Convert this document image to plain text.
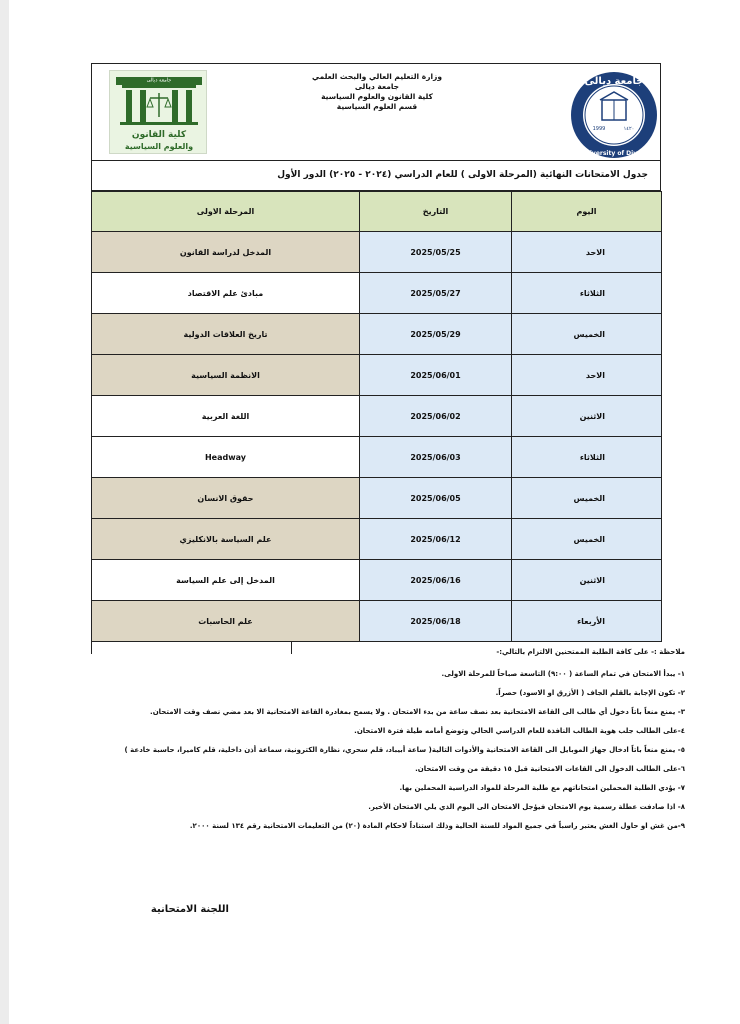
جامعة ديالى
كلية القانون
والعلوم السياسية
وزارة التعليم العالي والبحث العلمي
جامعة ديالى
كلية القانون والعلوم السياسية
قسم العلوم السياسية
جامعة ديالى
University of Diyala
1999	١٤٢٠
جدول الامتحانات النهائية (المرحلة الاولى ) للعام الدراسي (٢٠٢٤ - ٢٠٢٥) الدور الأول
اليوم	التاريخ	المرحلة الاولى
الاحد	2025/05/25	المدخل لدراسة القانون
الثلاثاء	2025/05/27	مبادئ علم الاقتصاد
الخميس	2025/05/29	تاريخ العلاقات الدولية
الاحد	2025/06/01	الانظمة السياسية
الاثنين	2025/06/02	اللغة العربية
الثلاثاء	2025/06/03	Headway
الخميس	2025/06/05	حقوق الانسان
الخميس	2025/06/12	علم السياسة بالانكليزي
الاثنين	2025/06/16	المدخل إلى علم السياسة
الأربعاء	2025/06/18	علم الحاسبات
ملاحظة :- على كافة الطلبة الممتحنين الالتزام بالتالي:-
١- يبدأ الامتحان في تمام الساعة ( ٩:٠٠) التاسعة صباحاً للمرحلة الاولى.
٢- تكون الإجابة بالقلم الجاف ( الأزرق او الاسود) حصراً.
٣- يمنع منعاً باتاً دخول أي طالب الى القاعة الامتحانية بعد نصف ساعة من بدء الامتحان . ولا يسمح بمغادرة القاعة الامتحانية الا بعد مضي نصف وقت الامتحان.
٤-على الطالب جلب هوية الطالب النافذة للعام الدراسي الحالي وتوضع أمامه طيلة فترة الامتحان.
٥- يمنع منعاً باتاً ادخال جهاز الموبايل الى القاعة الامتحانية والأدوات التالية( ساعة أبيباد، قلم سحري، نظارة الكترونية، سماعة أذن داخلية، قلم كاميرا، حاسبة خادعة )
٦-على الطالب الدخول الى القاعات الامتحانية قبل ١٥ دقيقة من وقت الامتحان.
٧- يؤدي الطلبة المحملين امتحاناتهم مع طلبة المرحلة للمواد الدراسية المحملين بها.
٨- اذا صادفت عطلة رسمية يوم الامتحان فيؤجل الامتحان الى اليوم الذي يلي الامتحان الأخير.
٩-من غش او حاول الغش يعتبر راسباً في جميع المواد للسنة الحالية وذلك استناداً لاحكام المادة (٢٠) من التعليمات الامتحانية رقم ١٣٤ لسنة ٢٠٠٠.
اللجنة الامتحانية
